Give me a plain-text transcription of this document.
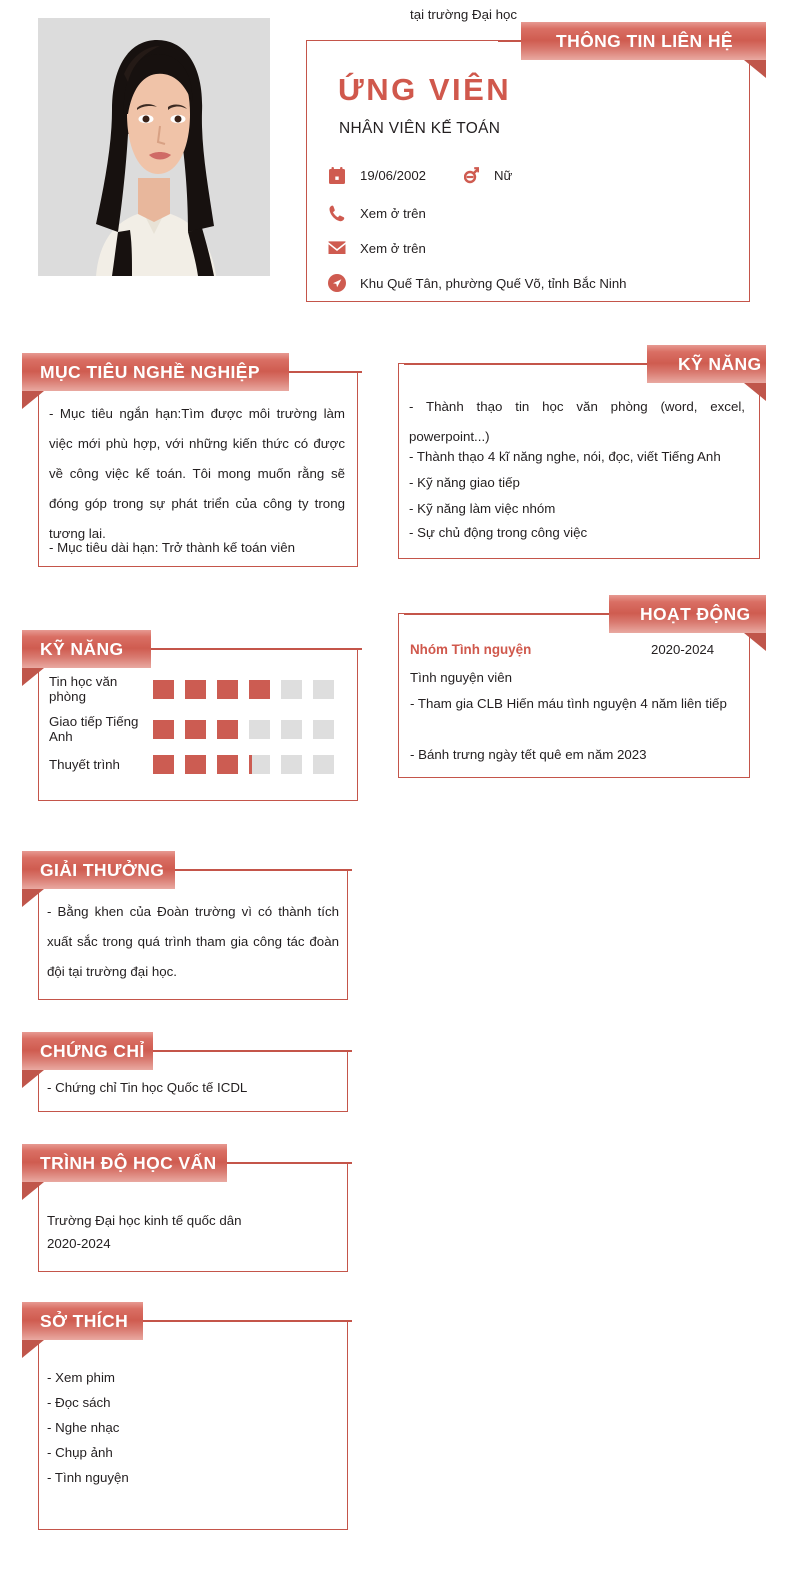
THÔNG TIN LIÊN HỆ
ỨNG VIÊN
NHÂN VIÊN KẾ TOÁN
19/06/2002	Nữ
Xem ở trên
Xem ở trên
Khu Quế Tân, phường Quế Võ, tỉnh Bắc Ninh
MỤC TIÊU NGHỀ NGHIỆP
- Mục tiêu ngắn hạn:Tìm được môi trường làm việc mới phù hợp, với những kiến thức có được về công việc kế toán. Tôi mong muốn rằng sẽ đóng góp trong sự phát triển của công ty trong tương lai.
- Mục tiêu dài hạn: Trở thành kế toán viên
KỸ NĂNG
- Thành thạo tin học văn phòng (word, excel, powerpoint...)
- Thành thạo 4 kĩ năng nghe, nói, đọc, viết Tiếng Anh
- Kỹ năng giao tiếp
- Kỹ năng làm việc nhóm
- Sự chủ động trong công việc
KỸ NĂNG
Tin học văn phòng
Giao tiếp Tiếng Anh
Thuyết trình
HOẠT ĐỘNG
Nhóm Tình nguyện	2020-2024
Tình nguyện viên
- Tham gia CLB Hiến máu tình nguyện 4 năm liên tiếp
tại trường Đại học
- Bánh trưng ngày tết quê em năm 2023
GIẢI THƯỞNG
- Bằng khen của Đoàn trường vì có thành tích xuất sắc trong quá trình tham gia công tác đoàn đội tại trường đại học.
CHỨNG CHỈ
- Chứng chỉ Tin học Quốc tế ICDL
TRÌNH ĐỘ HỌC VẤN
Trường Đại học kinh tế quốc dân
2020-2024
SỞ THÍCH
- Xem phim
- Đọc sách
- Nghe nhạc
- Chụp ảnh
- Tình nguyện
